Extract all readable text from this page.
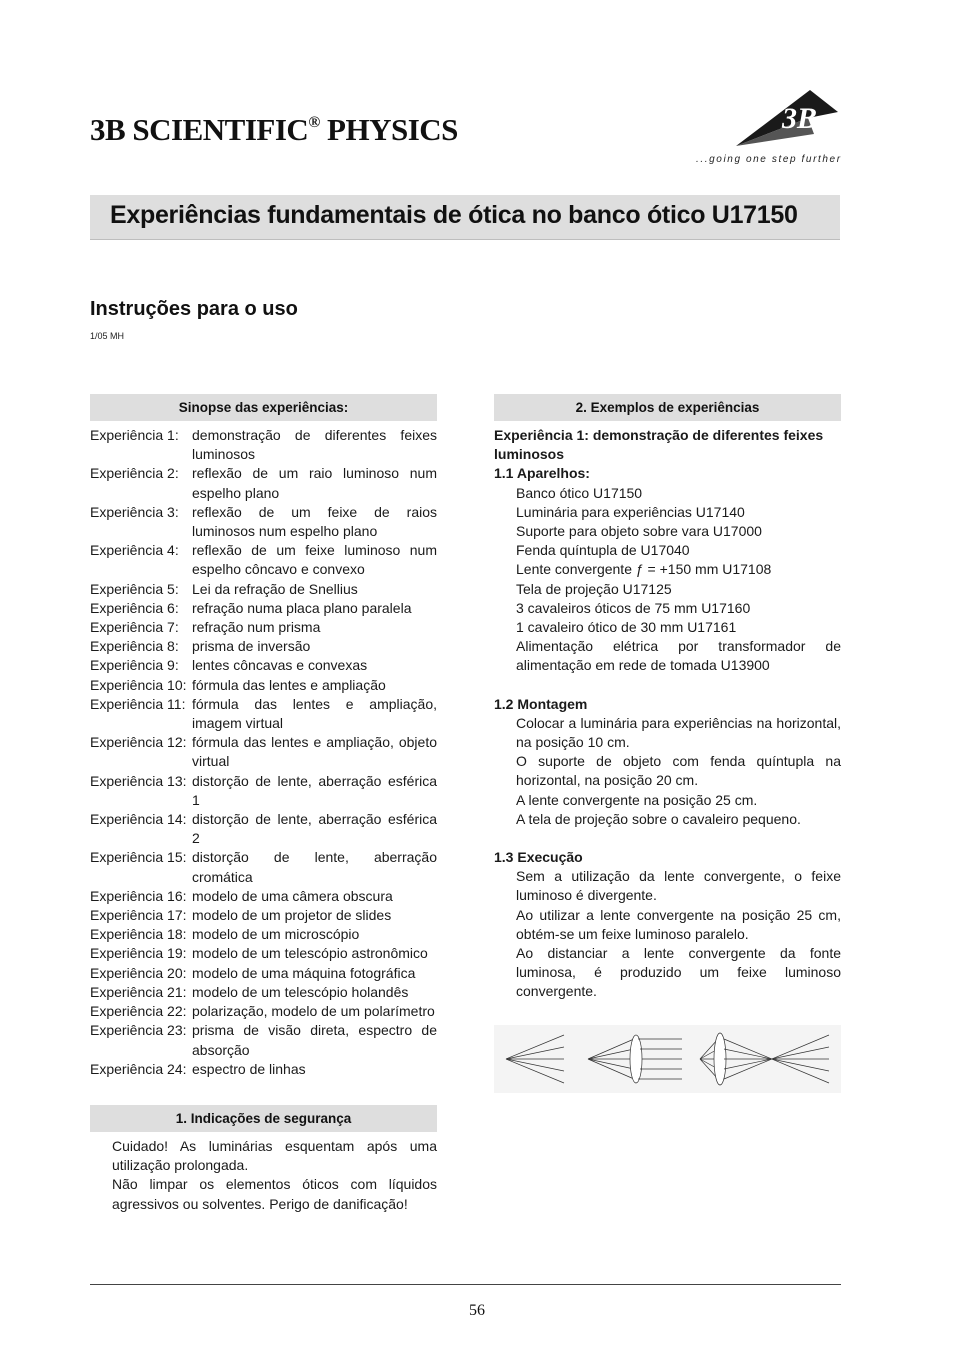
3B SCIENTIFIC® PHYSICS	3B
...going one step further
Experiências fundamentais de ótica no banco ótico U17150
Instruções para o uso
1/05 MH
Sinopse das experiências:
Experiência 1: demonstração de diferentes feixes luminosos
Experiência 2: reflexão de um raio luminoso num espelho plano
Experiência 3: reflexão de um feixe de raios luminosos num espelho plano
Experiência 4: reflexão de um feixe luminoso num espelho côncavo e convexo
Experiência 5: Lei da refração de Snellius
Experiência 6: refração numa placa plano paralela
Experiência 7: refração num prisma
Experiência 8: prisma de inversão
Experiência 9: lentes côncavas e convexas
Experiência 10: fórmula das lentes e ampliação
Experiência 11: fórmula das lentes e ampliação, imagem virtual
Experiência 12: fórmula das lentes e ampliação, objeto virtual
Experiência 13: distorção de lente, aberração esférica 1
Experiência 14: distorção de lente, aberração esférica 2
Experiência 15: distorção de lente, aberração cromática
Experiência 16: modelo de uma câmera obscura
Experiência 17: modelo de um projetor de slides
Experiência 18: modelo de um microscópio
Experiência 19: modelo de um telescópio astronômico
Experiência 20: modelo de uma máquina fotográfica
Experiência 21: modelo de um telescópio holandês
Experiência 22: polarização, modelo de um polarímetro
Experiência 23: prisma de visão direta, espectro de absorção
Experiência 24: espectro de linhas
1. Indicações de segurança
Cuidado! As luminárias esquentam após uma utilização prolongada.
Não limpar os elementos óticos com líquidos agressivos ou solventes. Perigo de danificação!
2. Exemplos de experiências
Experiência 1: demonstração de diferentes feixes luminosos
1.1 Aparelhos:
Banco ótico U17150
Luminária para experiências U17140
Suporte para objeto sobre vara U17000
Fenda quíntupla de U17040
Lente convergente ƒ = +150 mm U17108
Tela de projeção U17125
3 cavaleiros óticos de 75 mm U17160
1 cavaleiro ótico de 30 mm U17161
Alimentação elétrica por transformador de alimentação em rede de tomada U13900
1.2 Montagem
Colocar a luminária para experiências na horizontal, na posição 10 cm.
O suporte de objeto com fenda quíntupla na horizontal, na posição 20 cm.
A lente convergente na posição 25 cm.
A tela de projeção sobre o cavaleiro pequeno.
1.3 Execução
Sem a utilização da lente convergente, o feixe luminoso é divergente.
Ao utilizar a lente convergente na posição 25 cm, obtém-se um feixe luminoso paralelo.
Ao distanciar a lente convergente da fonte luminosa, é produzido um feixe luminoso convergente.
56
